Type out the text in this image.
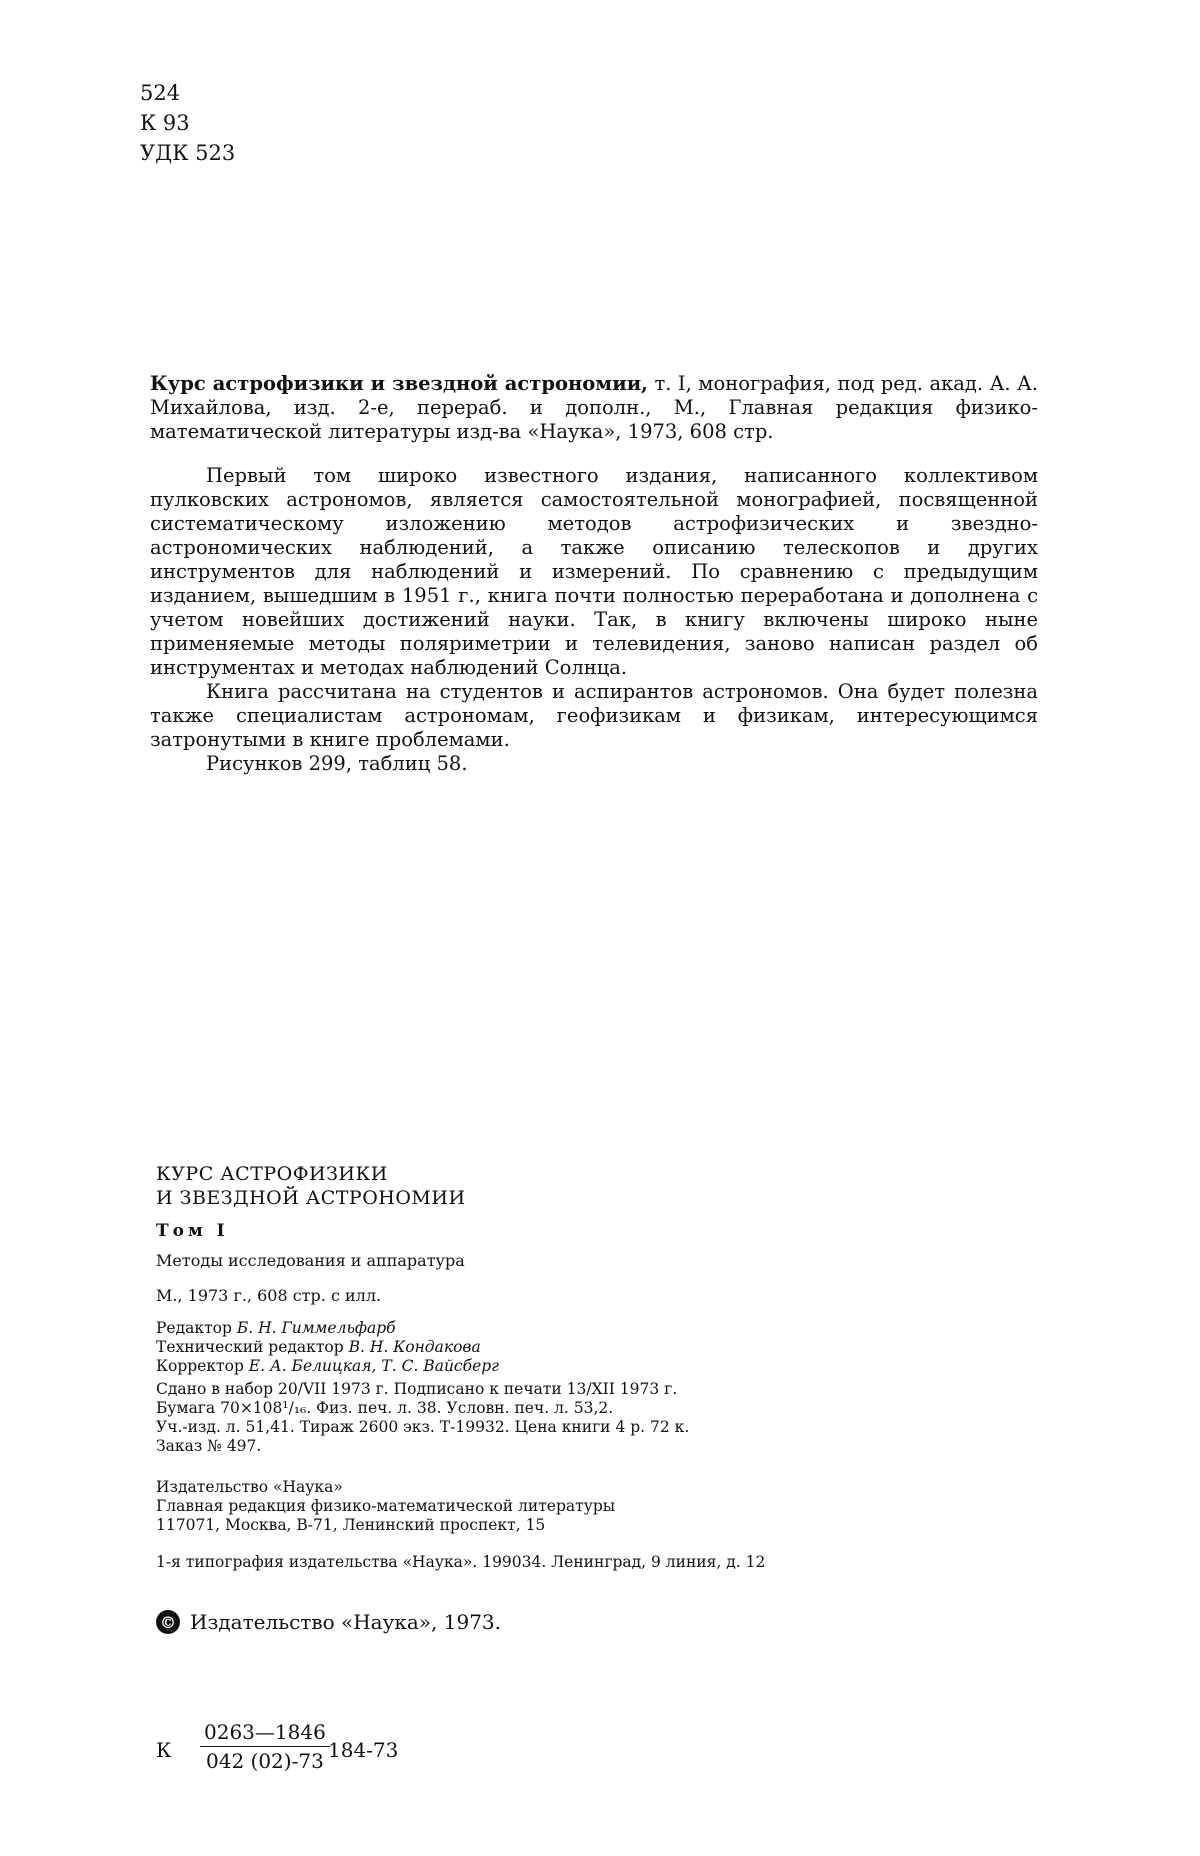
524
К 93
УДК 523

Курс астрофизики и звездной астрономии, т. I, монография, под ред. акад. А. А. Михайлова, изд. 2-е, перераб. и дополн., М., Главная редакция физико-математической литературы изд-ва «Наука», 1973, 608 стр.

Первый том широко известного издания, написанного коллективом пулковских астрономов, является самостоятельной монографией, посвященной систематическому изложению методов астрофизических и звездно-астрономических наблюдений, а также описанию телескопов и других инструментов для наблюдений и измерений. По сравнению с предыдущим изданием, вышедшим в 1951 г., книга почти полностью переработана и дополнена с учетом новейших достижений науки. Так, в книгу включены широко ныне применяемые методы поляриметрии и телевидения, заново написан раздел об инструментах и методах наблюдений Солнца.

Книга рассчитана на студентов и аспирантов астрономов. Она будет полезна также специалистам астрономам, геофизикам и физикам, интересующимся затронутыми в книге проблемами.

Рисунков 299, таблиц 58.

КУРС АСТРОФИЗИКИ
И ЗВЕЗДНОЙ АСТРОНОМИИ
Том I
Методы исследования и аппаратура
М., 1973 г., 608 стр. с илл.
Редактор Б. Н. Гиммельфарб
Технический редактор В. Н. Кондакова
Корректор Е. А. Белицкая, Т. С. Вайсберг
Сдано в набор 20/VII 1973 г. Подписано к печати 13/XII 1973 г.
Бумага 70×108¹/₁₆. Физ. печ. л. 38. Условн. печ. л. 53,2.
Уч.-изд. л. 51,41. Тираж 2600 экз. Т-19932. Цена книги 4 р. 72 к.
Заказ № 497.
Издательство «Наука»
Главная редакция физико-математической литературы
117071, Москва, В-71, Ленинский проспект, 15
1-я типография издательства «Наука». 199034. Ленинград, 9 линия, д. 12
© Издательство «Наука», 1973.
К $\frac{0263—1846}{042 (02)-73}$
184-73
